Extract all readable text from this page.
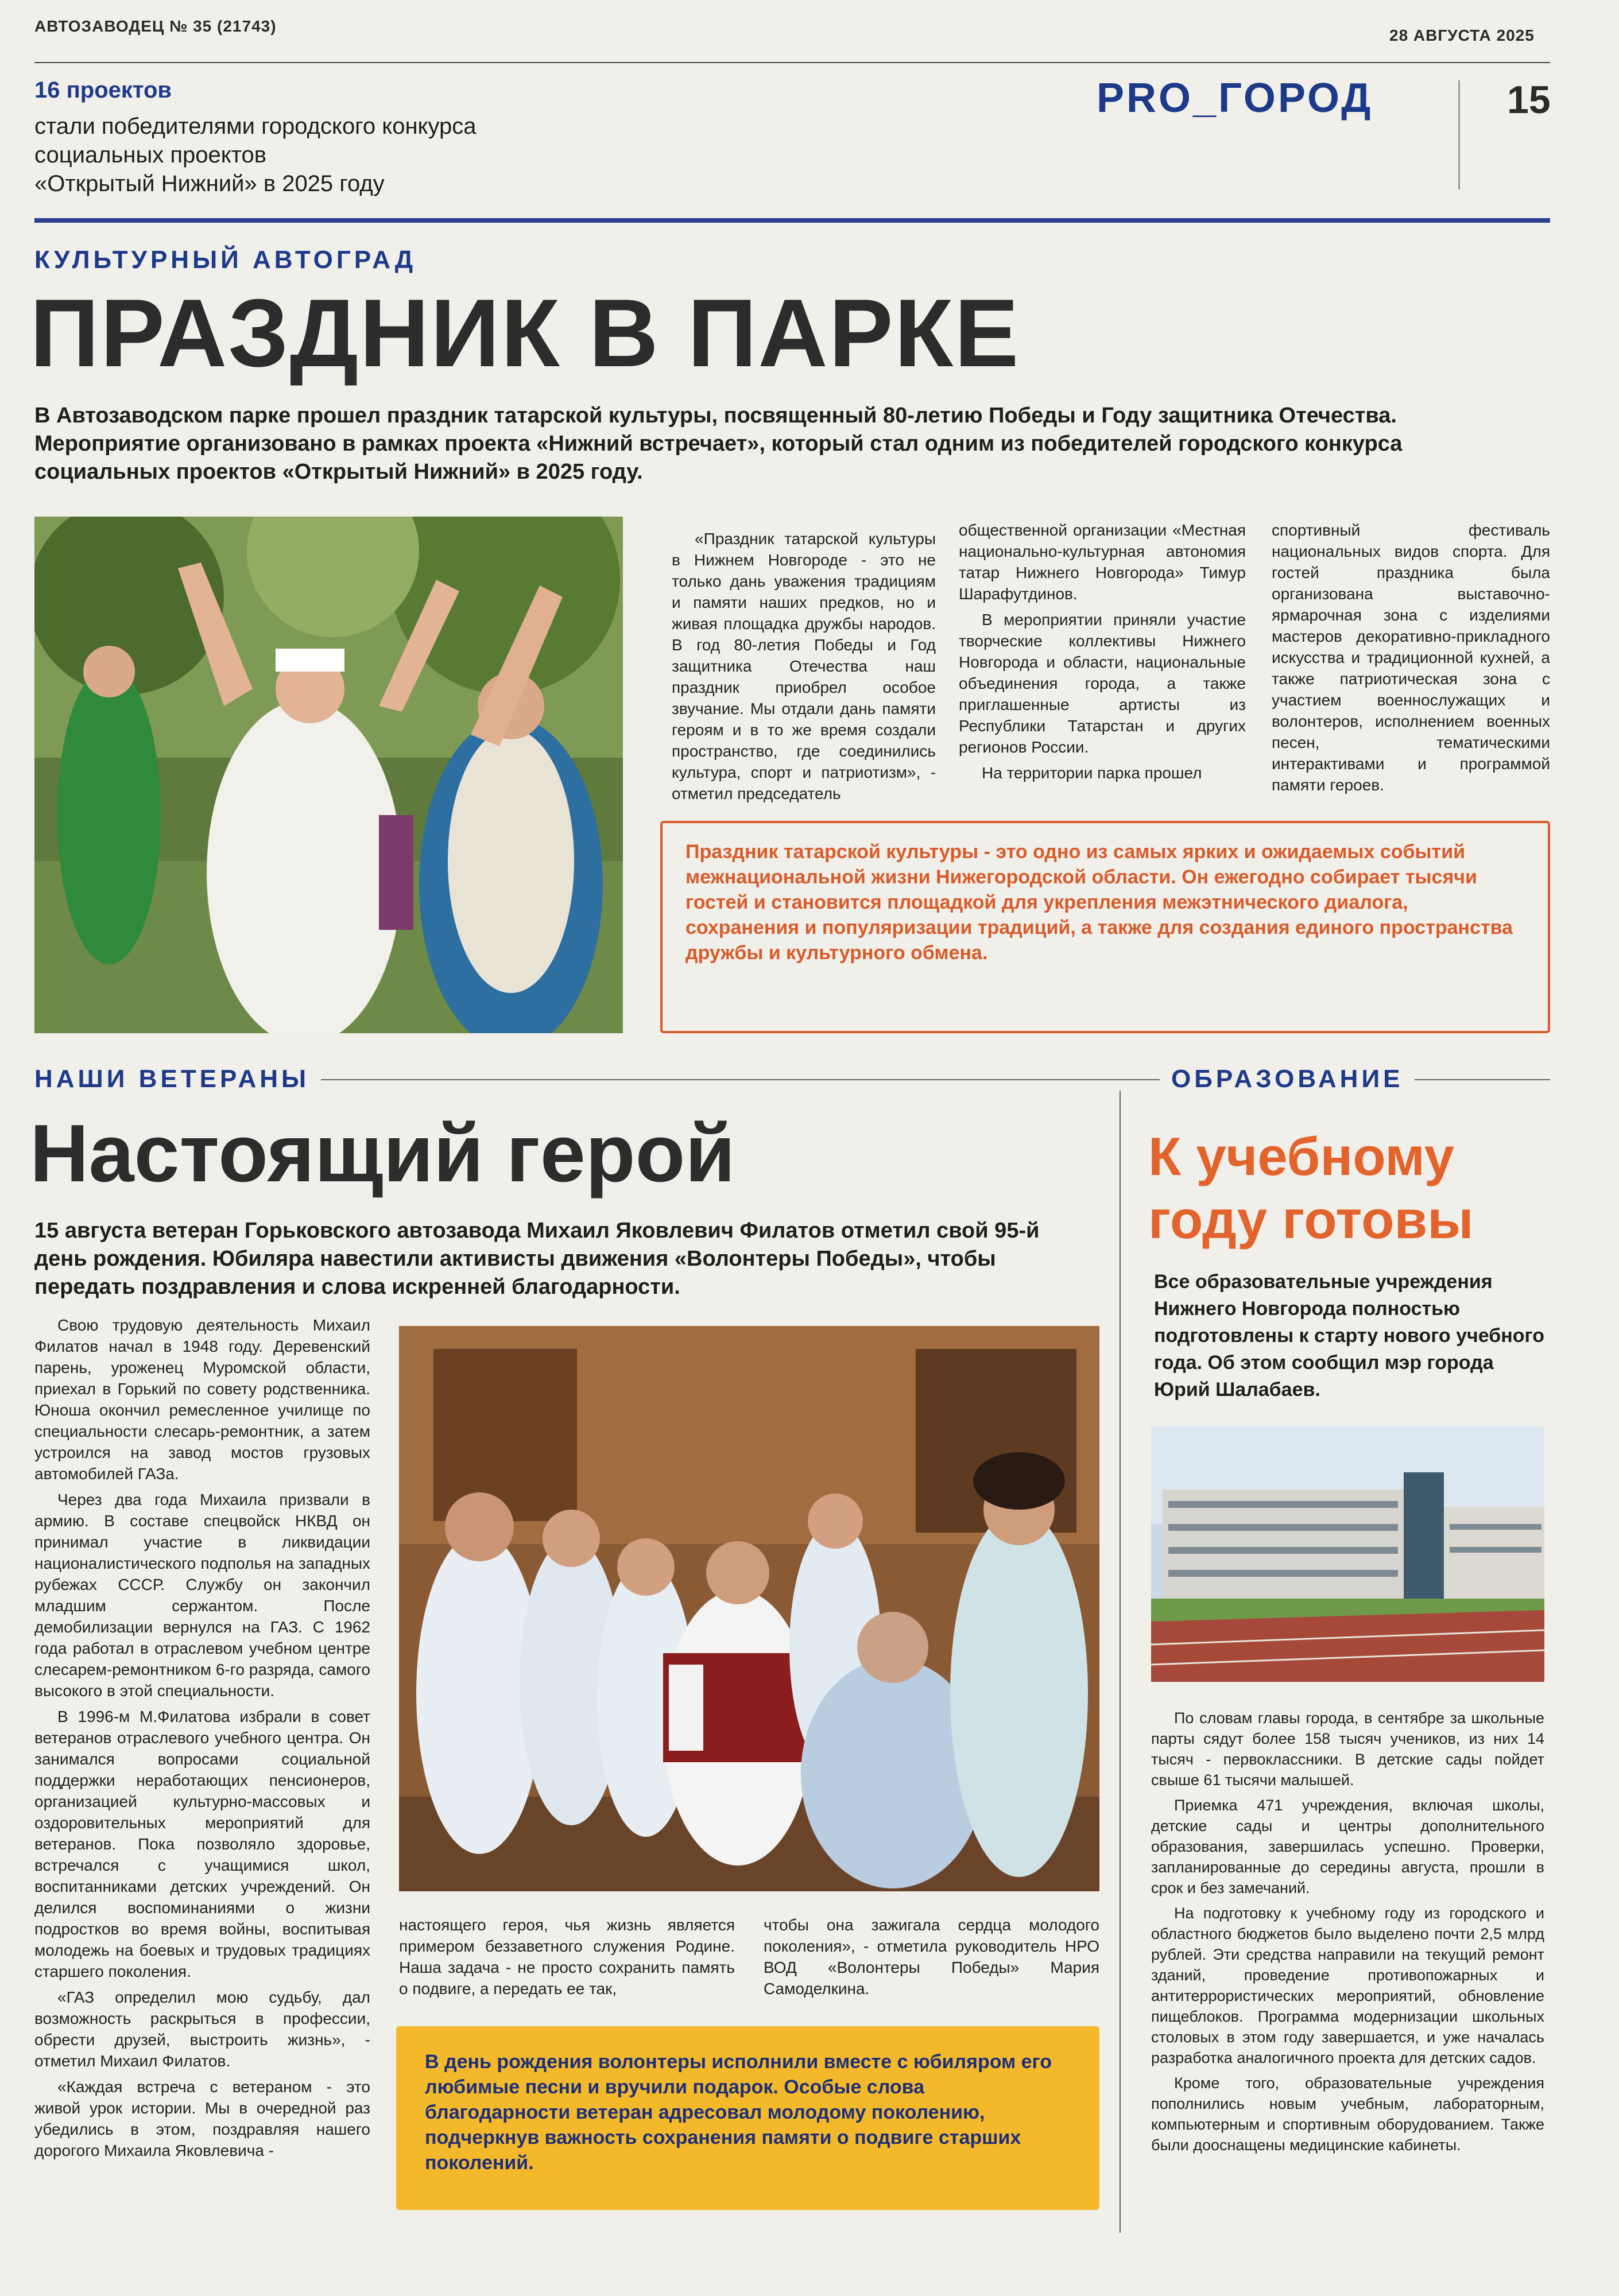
АВТОЗАВОДЕЦ № 35 (21743)
28 АВГУСТА 2025
16 проектов
стали победителями городского конкурса
социальных проектов
«Открытый Нижний» в 2025 году
PRO_ГОРОД	15
КУЛЬТУРНЫЙ АВТОГРАД
ПРАЗДНИК В ПАРКЕ
В Автозаводском парке прошел праздник татарской культуры, посвященный 80-летию Победы и Году защитника Отечества. Мероприятие организовано в рамках проекта «Нижний встречает», который стал одним из победителей городского конкурса социальных проектов «Открытый Нижний» в 2025 году.

«Праздник татарской культуры в Нижнем Новгороде - это не только дань уважения традициям и памяти наших предков, но и живая площадка дружбы народов. В год 80-летия Победы и Год защитника Отечества наш праздник приобрел особое звучание. Мы отдали дань памяти героям и в то же время создали пространство, где соединились культура, спорт и патриотизм», - отметил председатель

общественной организации «Местная национально-культурная автономия татар Нижнего Новгорода» Тимур Шарафутдинов.

В мероприятии приняли участие творческие коллективы Нижнего Новгорода и области, национальные объединения города, а также приглашенные артисты из Республики Татарстан и других регионов России.

На территории парка прошел

спортивный фестиваль национальных видов спорта. Для гостей праздника была организована выставочно-ярмарочная зона с изделиями мастеров декоративно-прикладного искусства и традиционной кухней, а также патриотическая зона с участием военнослужащих и волонтеров, исполнением военных песен, тематическими интерактивами и программой памяти героев.

Праздник татарской культуры - это одно из самых ярких и ожидаемых событий межнациональной жизни Нижегородской области. Он ежегодно собирает тысячи гостей и становится площадкой для укрепления межэтнического диалога, сохранения и популяризации традиций, а также для создания единого пространства дружбы и культурного обмена.
НАШИ ВЕТЕРАНЫ
Настоящий герой
15 августа ветеран Горьковского автозавода Михаил Яковлевич Филатов отметил свой 95-й день рождения. Юбиляра навестили активисты движения «Волонтеры Победы», чтобы передать поздравления и слова искренней благодарности.

Свою трудовую деятельность Михаил Филатов начал в 1948 году. Деревенский парень, уроженец Муромской области, приехал в Горький по совету родственника. Юноша окончил ремесленное училище по специальности слесарь-ремонтник, а затем устроился на завод мостов грузовых автомобилей ГАЗа.

Через два года Михаила призвали в армию. В составе спецвойск НКВД он принимал участие в ликвидации националистического подполья на западных рубежах СССР. Службу он закончил младшим сержантом. После демобилизации вернулся на ГАЗ. С 1962 года работал в отраслевом учебном центре слесарем-ремонтником 6-го разряда, самого высокого в этой специальности.

В 1996-м М.Филатова избрали в совет ветеранов отраслевого учебного центра. Он занимался вопросами социальной поддержки неработающих пенсионеров, организацией культурно-массовых и оздоровительных мероприятий для ветеранов. Пока позволяло здоровье, встречался с учащимися школ, воспитанниками детских учреждений. Он делился воспоминаниями о жизни подростков во время войны, воспитывая молодежь на боевых и трудовых традициях старшего поколения.

«ГАЗ определил мою судьбу, дал возможность раскрыться в профессии, обрести друзей, выстроить жизнь», - отметил Михаил Филатов.

«Каждая встреча с ветераном - это живой урок истории. Мы в очередной раз убедились в этом, поздравляя нашего дорогого Михаила Яковлевича -

настоящего героя, чья жизнь является примером беззаветного служения Родине. Наша задача - не просто сохранить память о подвиге, а передать ее так,

чтобы она зажигала сердца молодого поколения», - отметила руководитель НРО ВОД «Волонтеры Победы» Мария Самоделкина.

В день рождения волонтеры исполнили вместе с юбиляром его любимые песни и вручили подарок. Особые слова благодарности ветеран адресовал молодому поколению, подчеркнув важность сохранения памяти о подвиге старших поколений.
ОБРАЗОВАНИЕ
К учебному году готовы
Все образовательные учреждения Нижнего Новгорода полностью подготовлены к старту нового учебного года. Об этом сообщил мэр города Юрий Шалабаев.

По словам главы города, в сентябре за школьные парты сядут более 158 тысяч учеников, из них 14 тысяч - первоклассники. В детские сады пойдет свыше 61 тысячи малышей.

Приемка 471 учреждения, включая школы, детские сады и центры дополнительного образования, завершилась успешно. Проверки, запланированные до середины августа, прошли в срок и без замечаний.

На подготовку к учебному году из городского и областного бюджетов было выделено почти 2,5 млрд рублей. Эти средства направили на текущий ремонт зданий, проведение противопожарных и антитеррористических мероприятий, обновление пищеблоков. Программа модернизации школьных столовых в этом году завершается, и уже началась разработка аналогичного проекта для детских садов.

Кроме того, образовательные учреждения пополнились новым учебным, лабораторным, компьютерным и спортивным оборудованием. Также были дооснащены медицинские кабинеты.
